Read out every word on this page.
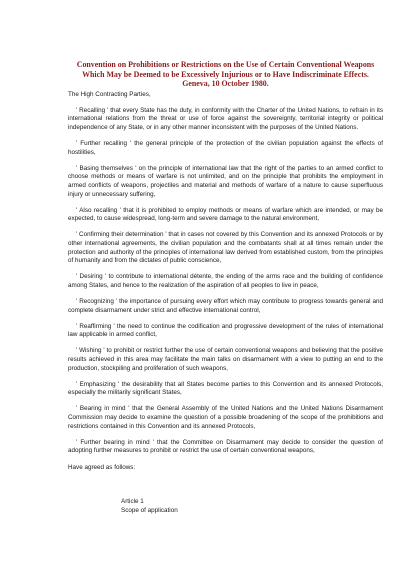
Convention on Prohibitions or Restrictions on the Use of Certain Conventional Weapons Which May be Deemed to be Excessively Injurious or to Have Indiscriminate Effects. Geneva, 10 October 1980.

The High Contracting Parties,

' Recalling ' that every State has the duty, in conformity with the Charter of the United Nations, to refrain in its international relations from the threat or use of force against the sovereignty, territorial integrity or political independence of any State, or in any other manner inconsistent with the purposes of the United Nations.

' Further recalling ' the general principle of the protection of the civilian population against the effects of hostilities,

' Basing themselves ' on the principle of international law that the right of the parties to an armed conflict to choose methods or means of warfare is not unlimited, and on the principle that prohibits the employment in armed conflicts of weapons, projectiles and material and methods of warfare of a nature to cause superfluous injury or unnecessary suffering,

' Also recalling ' that it is prohibited to employ methods or means of warfare which are intended, or may be expected, to cause widespread, long-term and severe damage to the natural environment,

' Confirming their determination ' that in cases not covered by this Convention and its annexed Protocols or by other international agreements, the civilian population and the combatants shall at all times remain under the protection and authority of the principles of international law derived from established custom, from the principles of humanity and from the dictates of public conscience,

' Desiring ' to contribute to international détente, the ending of the arms race and the building of confidence among States, and hence to the realization of the aspiration of all peoples to live in peace,

' Recognizing ' the importance of pursuing every effort which may contribute to progress towards general and complete disarmament under strict and effective international control,

' Reaffirming ' the need to continue the codification and progressive development of the rules of international law applicable in armed conflict,

' Wishing ' to prohibit or restrict further the use of certain conventional weapons and believing that the positive results achieved in this area may facilitate the main talks on disarmament with a view to putting an end to the production, stockpiling and proliferation of such weapons,

' Emphasizing ' the desirability that all States become parties to this Convention and its annexed Protocols, especially the militarily significant States,

' Bearing in mind ' that the General Assembly of the United Nations and the United Nations Disarmament Commission may decide to examine the question of a possible broadening of the scope of the prohibitions and restrictions contained in this Convention and its annexed Protocols,

' Further bearing in mind ' that the Committee on Disarmament may decide to consider the question of adopting further measures to prohibit or restrict the use of certain conventional weapons,

Have agreed as follows:

Article 1
Scope of application
